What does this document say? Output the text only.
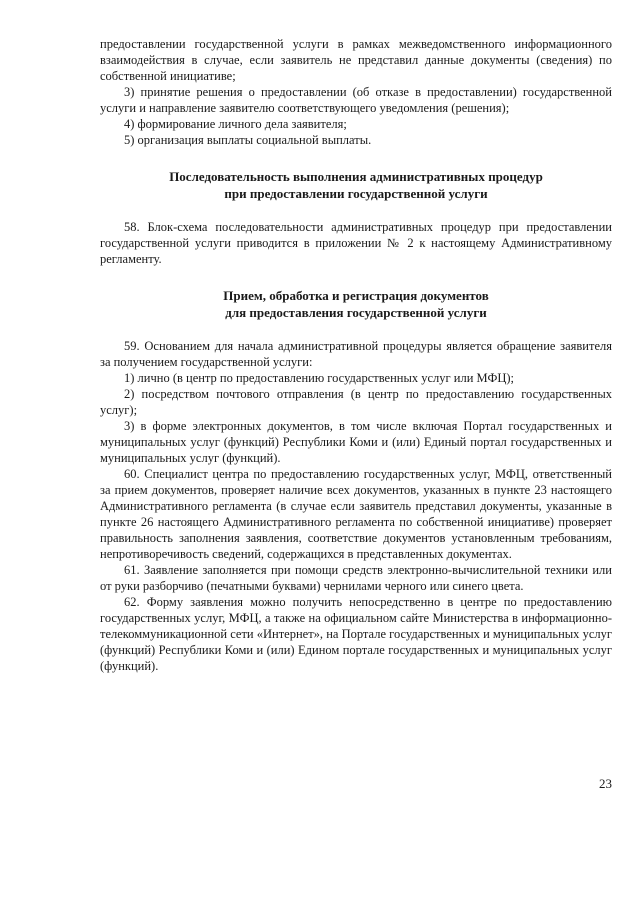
предоставлении государственной услуги в рамках межведомственного информационного взаимодействия в случае, если заявитель не представил данные документы (сведения) по собственной инициативе;

3) принятие решения о предоставлении (об отказе в предоставлении) государственной услуги и направление заявителю соответствующего уведомления (решения);

4) формирование личного дела заявителя;

5) организация выплаты социальной выплаты.

Последовательность выполнения административных процедур
при предоставлении государственной услуги

58. Блок-схема последовательности административных процедур при предоставлении государственной услуги приводится в приложении № 2 к настоящему Административному регламенту.

Прием, обработка и регистрация документов
для предоставления государственной услуги

59. Основанием для начала административной процедуры является обращение заявителя за получением государственной услуги:

1) лично (в центр по предоставлению государственных услуг или МФЦ);

2) посредством почтового отправления (в центр по предоставлению государственных услуг);

3) в форме электронных документов, в том числе включая Портал государственных и муниципальных услуг (функций) Республики Коми и (или) Единый портал государственных и муниципальных услуг (функций).

60. Специалист центра по предоставлению государственных услуг, МФЦ, ответственный за прием документов, проверяет наличие всех документов, указанных в пункте 23 настоящего Административного регламента (в случае если заявитель представил документы, указанные в пункте 26 настоящего Административного регламента по собственной инициативе) проверяет правильность заполнения заявления, соответствие документов установленным требованиям, непротиворечивость сведений, содержащихся в представленных документах.

61. Заявление заполняется при помощи средств электронно-вычислительной техники или от руки разборчиво (печатными буквами) чернилами черного или синего цвета.

62. Форму заявления можно получить непосредственно в центре по предоставлению государственных услуг, МФЦ, а также на официальном сайте Министерства в информационно-телекоммуникационной сети «Интернет», на Портале государственных и муниципальных услуг (функций) Республики Коми и (или) Едином портале государственных и муниципальных услуг (функций).

23
